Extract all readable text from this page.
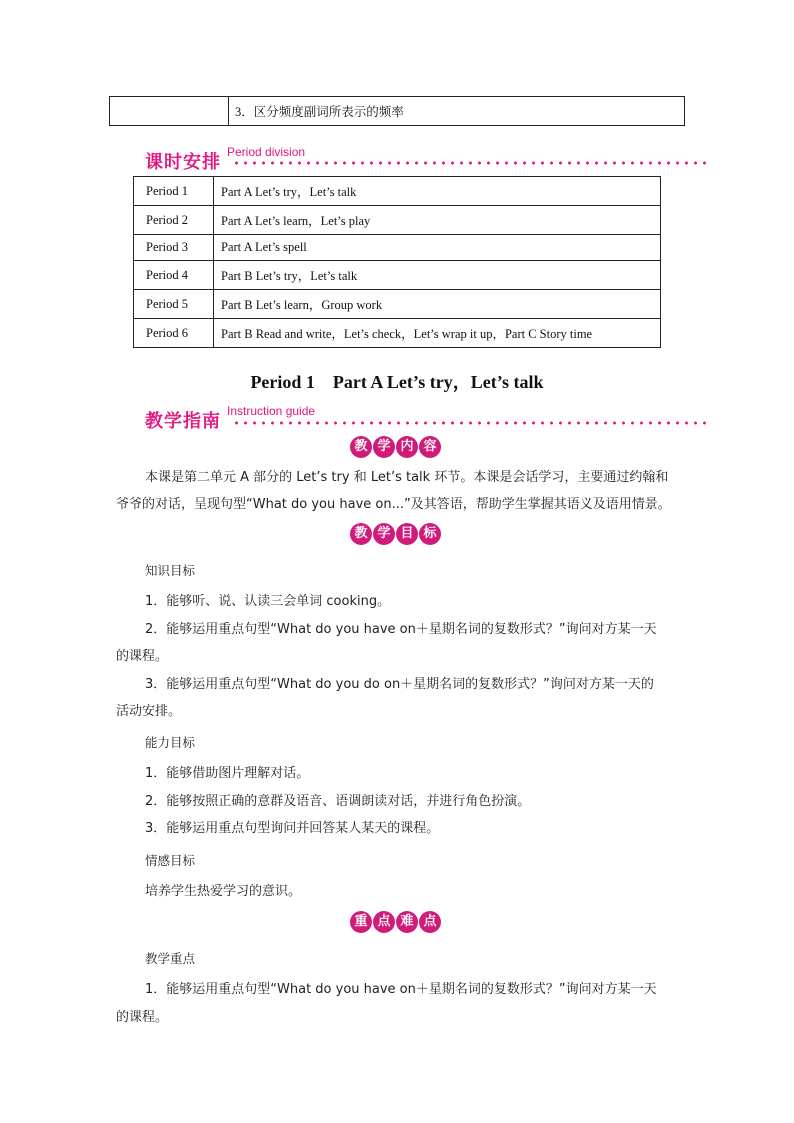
	3．区分频度副词所表示的频率
课时安排 Period division
Period 1	Part A Let’s try，Let’s talk
Period 2	Part A Let’s learn，Let’s play
Period 3	Part A Let’s spell
Period 4	Part B Let’s try，Let’s talk
Period 5	Part B Let’s learn，Group work
Period 6	Part B Read and write，Let’s check，Let’s wrap it up，Part C Story time
Period 1　Part A Let’s try，Let’s talk
教学指南 Instruction guide
教 学 内 容
本课是第二单元 A 部分的 Let’s try 和 Let’s talk 环节。本课是会话学习，主要通过约翰和
爷爷的对话，呈现句型“What do you have on...”及其答语，帮助学生掌握其语义及语用情景。
教 学 目 标
知识目标
1．能够听、说、认读三会单词 cooking。
2．能够运用重点句型“What do you have on＋星期名词的复数形式？”询问对方某一天
的课程。
3．能够运用重点句型“What do you do on＋星期名词的复数形式？”询问对方某一天的
活动安排。
能力目标
1．能够借助图片理解对话。
2．能够按照正确的意群及语音、语调朗读对话，并进行角色扮演。
3．能够运用重点句型询问并回答某人某天的课程。
情感目标
培养学生热爱学习的意识。
重 点 难 点
教学重点
1．能够运用重点句型“What do you have on＋星期名词的复数形式？”询问对方某一天
的课程。
